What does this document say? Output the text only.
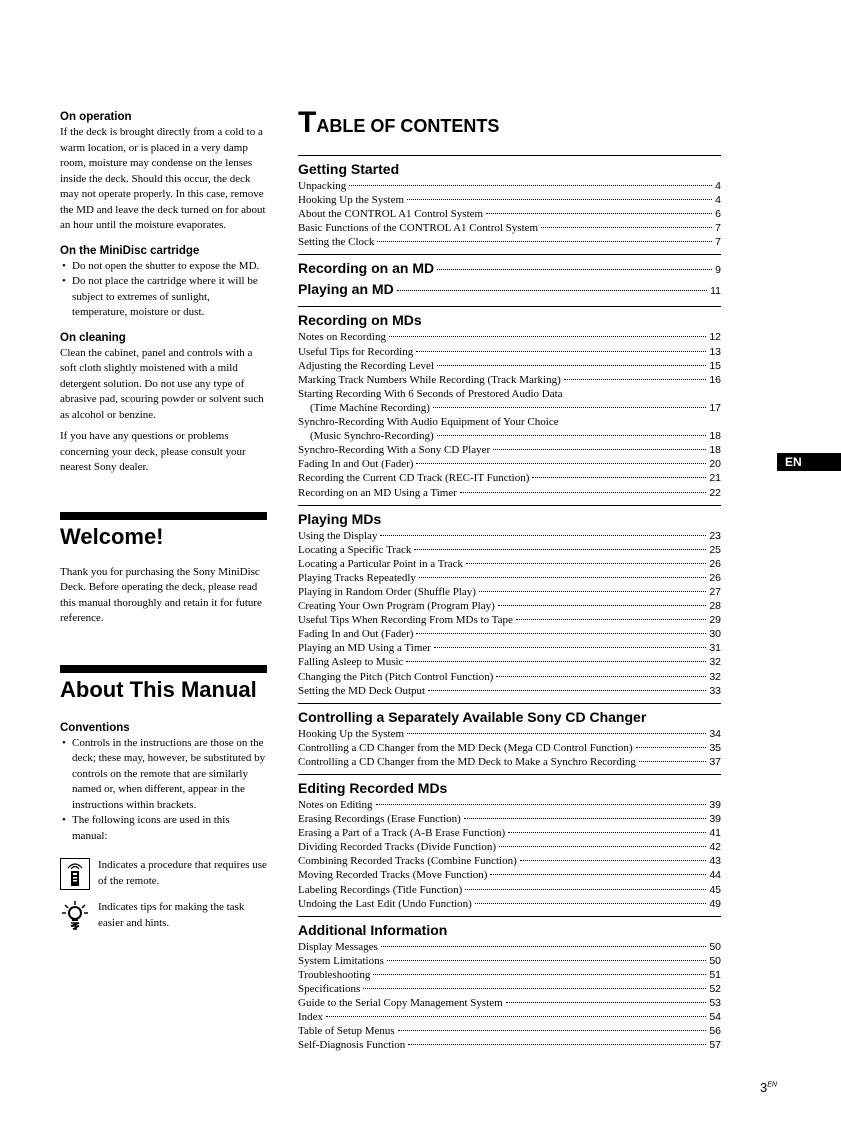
On operation

If the deck is brought directly from a cold to a warm location, or is placed in a very damp room, moisture may condense on the lenses inside the deck. Should this occur, the deck may not operate properly. In this case, remove the MD and leave the deck turned on for about an hour until the moisture evaporates.

On the MiniDisc cartridge

• Do not open the shutter to expose the MD.
• Do not place the cartridge where it will be subject to extremes of sunlight, temperature, moisture or dust.

On cleaning

Clean the cabinet, panel and controls with a soft cloth slightly moistened with a mild detergent solution. Do not use any type of abrasive pad, scouring powder or solvent such as alcohol or benzine.

If you have any questions or problems concerning your deck, please consult your nearest Sony dealer.

Welcome!

Thank you for purchasing the Sony MiniDisc Deck. Before operating the deck, please read this manual thoroughly and retain it for future reference.

About This Manual

Conventions

• Controls in the instructions are those on the deck; these may, however, be substituted by controls on the remote that are similarly named or, when different, appear in the instructions within brackets.
• The following icons are used in this manual:

Indicates a procedure that requires use of the remote.

Indicates tips for making the task easier and hints.

TABLE OF CONTENTS

Getting Started

Unpacking	4
Hooking Up the System	4
About the CONTROL A1 Control System	6
Basic Functions of the CONTROL A1 Control System	7
Setting the Clock	7
Recording on an MD	9
Playing an MD	11

Recording on MDs

Notes on Recording	12
Useful Tips for Recording	13
Adjusting the Recording Level	15
Marking Track Numbers While Recording (Track Marking)	16
Starting Recording With 6 Seconds of Prestored Audio Data
(Time Machine Recording)	17
Synchro-Recording With Audio Equipment of Your Choice
(Music Synchro-Recording)	18
Synchro-Recording With a Sony CD Player	18
Fading In and Out (Fader)	20
Recording the Current CD Track (REC-IT Function)	21
Recording on an MD Using a Timer	22

Playing MDs

Using the Display	23
Locating a Specific Track	25
Locating a Particular Point in a Track	26
Playing Tracks Repeatedly	26
Playing in Random Order (Shuffle Play)	27
Creating Your Own Program (Program Play)	28
Useful Tips When Recording From MDs to Tape	29
Fading In and Out (Fader)	30
Playing an MD Using a Timer	31
Falling Asleep to Music	32
Changing the Pitch (Pitch Control Function)	32
Setting the MD Deck Output	33

Controlling a Separately Available Sony CD Changer

Hooking Up the System	34
Controlling a CD Changer from the MD Deck (Mega CD Control Function)	35
Controlling a CD Changer from the MD Deck to Make a Synchro Recording	37

Editing Recorded MDs

Notes on Editing	39
Erasing Recordings (Erase Function)	39
Erasing a Part of a Track (A-B Erase Function)	41
Dividing Recorded Tracks (Divide Function)	42
Combining Recorded Tracks (Combine Function)	43
Moving Recorded Tracks (Move Function)	44
Labeling Recordings (Title Function)	45
Undoing the Last Edit (Undo Function)	49

Additional Information

Display Messages	50
System Limitations	50
Troubleshooting	51
Specifications	52
Guide to the Serial Copy Management System	53
Index	54
Table of Setup Menus	56
Self-Diagnosis Function	57
EN
$3^{EN}$
